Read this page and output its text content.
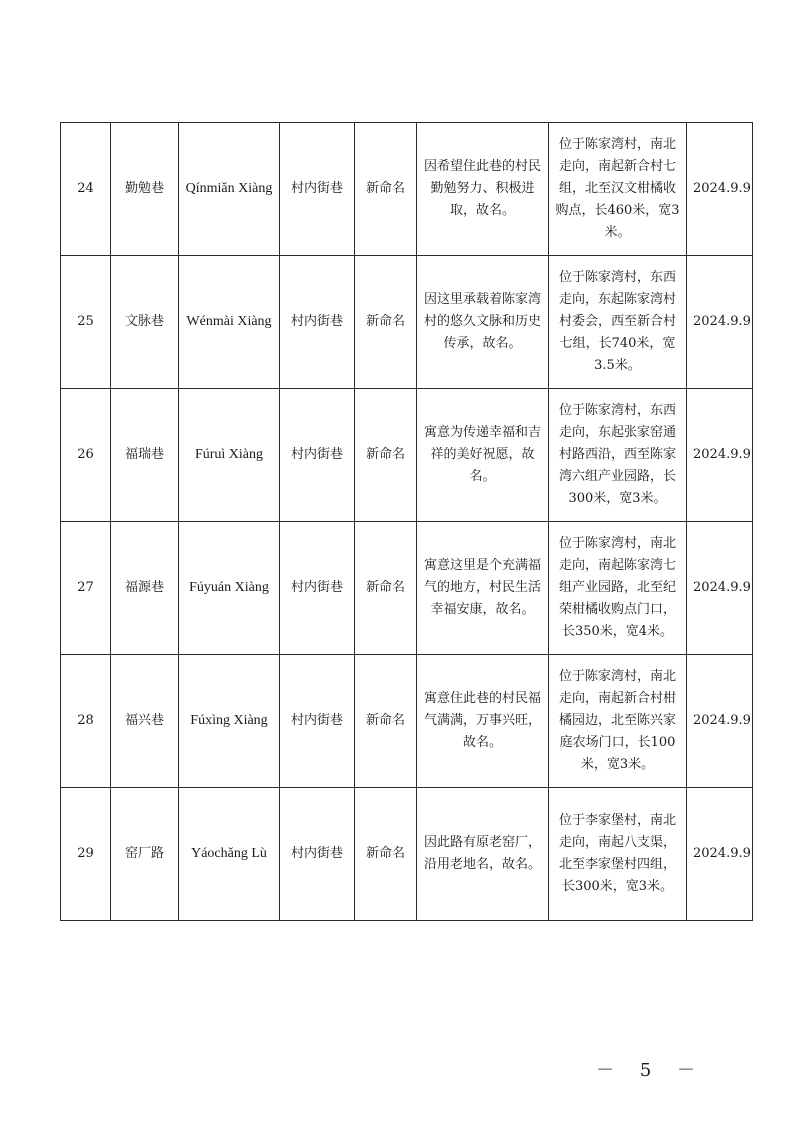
24	勤勉巷	Qínmiǎn Xiàng	村内街巷	新命名	因希望住此巷的村民勤勉努力、积极进取，故名。	位于陈家湾村，南北走向，南起新合村七组，北至汉文柑橘收购点，长460米，宽3米。	2024.9.9
25	文脉巷	Wénmài Xiàng	村内街巷	新命名	因这里承载着陈家湾村的悠久文脉和历史传承，故名。	位于陈家湾村，东西走向，东起陈家湾村村委会，西至新合村七组，长740米，宽3.5米。	2024.9.9
26	福瑞巷	Fúruì Xiàng	村内街巷	新命名	寓意为传递幸福和吉祥的美好祝愿，故名。	位于陈家湾村，东西走向，东起张家窑通村路西沿，西至陈家湾六组产业园路，长300米，宽3米。	2024.9.9
27	福源巷	Fúyuán Xiàng	村内街巷	新命名	寓意这里是个充满福气的地方，村民生活幸福安康，故名。	位于陈家湾村，南北走向，南起陈家湾七组产业园路，北至纪荣柑橘收购点门口，长350米，宽4米。	2024.9.9
28	福兴巷	Fúxìng Xiàng	村内街巷	新命名	寓意住此巷的村民福气满满，万事兴旺，故名。	位于陈家湾村，南北走向，南起新合村柑橘园边，北至陈兴家庭农场门口，长100米，宽3米。	2024.9.9
29	窑厂路	Yáochǎng Lù	村内街巷	新命名	因此路有原老窑厂，沿用老地名，故名。	位于李家堡村，南北走向，南起八支渠，北至李家堡村四组，长300米，宽3米。	2024.9.9
－ 5 －
